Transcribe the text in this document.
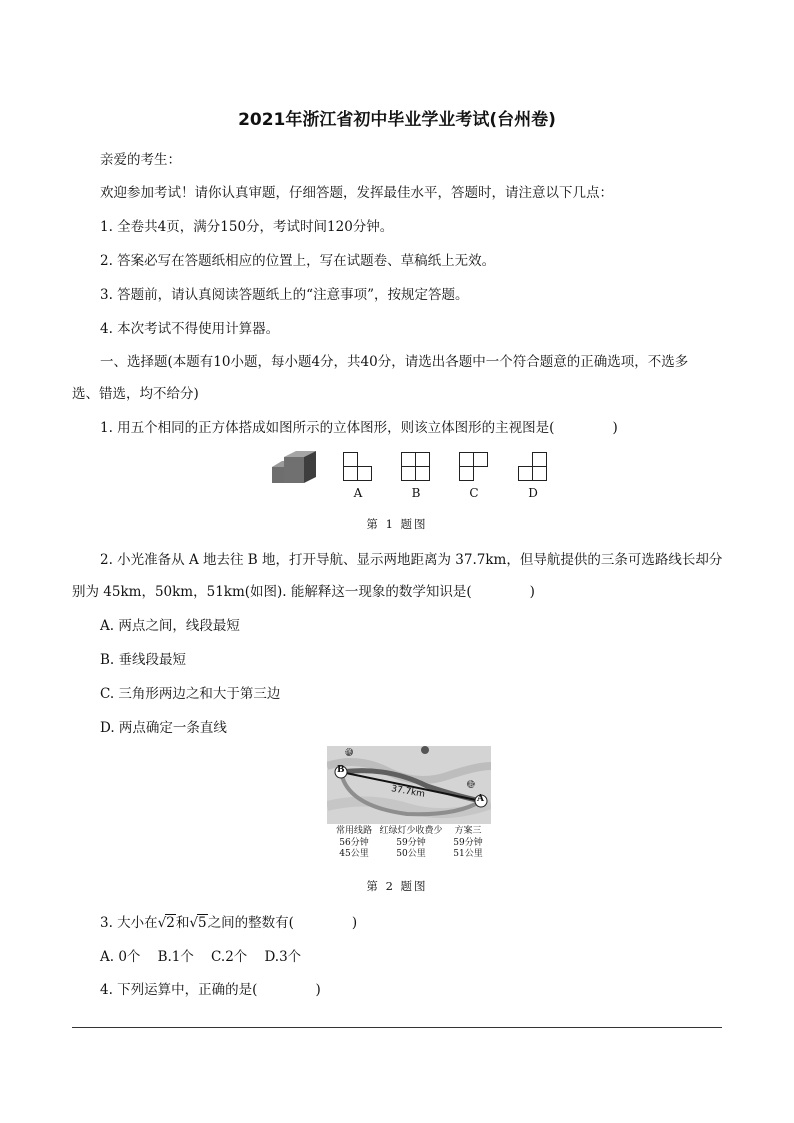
2021年浙江省初中毕业学业考试(台州卷)
亲爱的考生：
欢迎参加考试！请你认真审题，仔细答题，发挥最佳水平，答题时，请注意以下几点：
1. 全卷共4页，满分150分，考试时间120分钟。
2. 答案必写在答题纸相应的位置上，写在试题卷、草稿纸上无效。
3. 答题前，请认真阅读答题纸上的“注意事项”，按规定答题。
4. 本次考试不得使用计算器。
一、选择题(本题有10小题，每小题4分，共40分，请选出各题中一个符合题意的正确选项，不选多
选、错选，均不给分)
1. 用五个相同的正方体搭成如图所示的立体图形，则该立体图形的主视图是(	)
A	B	C	D
第 1 题图
2. 小光准备从 A 地去往 B 地，打开导航、显示两地距离为 37.7km，但导航提供的三条可选路线长却分
别为 45km，50km，51km(如图). 能解释这一现象的数学知识是(	)
A. 两点之间，线段最短
B. 垂线段最短
C. 三角形两边之和大于第三边
D. 两点确定一条直线
B
A
终
起
37.7km
常用线路
56分钟
45公里
红绿灯少收费少
59分钟
50公里
方案三
59分钟
51公里
第 2 题图
3. 大小在√2和√5之间的整数有(	)
A. 0个    B.1个    C.2个    D.3个
4. 下列运算中，正确的是(	)
